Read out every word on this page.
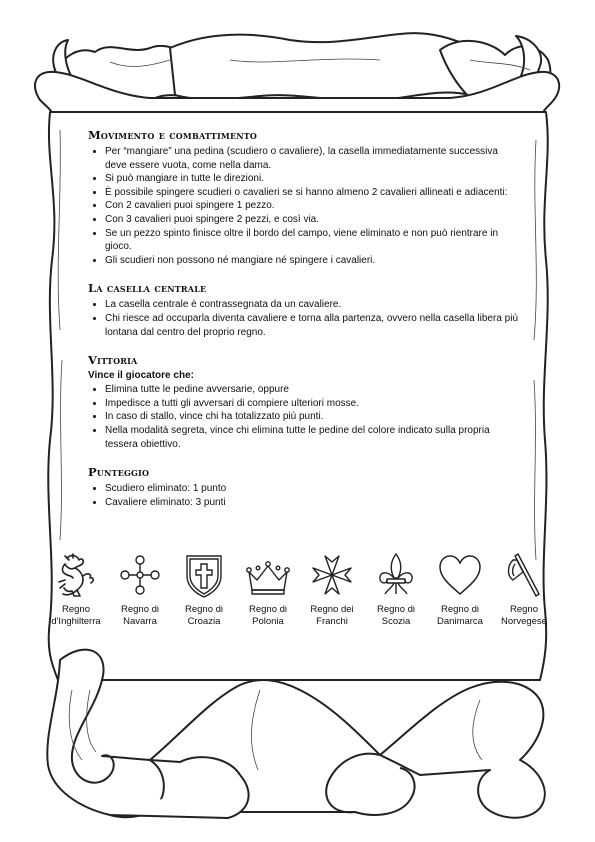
Movimento e combattimento
• Per “mangiare” una pedina (scudiero o cavaliere), la casella immediatamente successiva deve essere vuota, come nella dama.
• Si può mangiare in tutte le direzioni.
• È possibile spingere scudieri o cavalieri se si hanno almeno 2 cavalieri allineati e adiacenti:
• Con 2 cavalieri puoi spingere 1 pezzo.
• Con 3 cavalieri puoi spingere 2 pezzi, e così via.
• Se un pezzo spinto finisce oltre il bordo del campo, viene eliminato e non può rientrare in gioco.
• Gli scudieri non possono né mangiare né spingere i cavalieri.
La casella centrale
• La casella centrale è contrassegnata da un cavaliere.
• Chi riesce ad occuparla diventa cavaliere e torna alla partenza, ovvero nella casella libera più lontana dal centro del proprio regno.
Vittoria
Vince il giocatore che:
• Elimina tutte le pedine avversarie, oppure
• Impedisce a tutti gli avversari di compiere ulteriori mosse.
• In caso di stallo, vince chi ha totalizzato più punti.
• Nella modalità segreta, vince chi elimina tutte le pedine del colore indicato sulla propria tessera obiettivo.
Punteggio
• Scudiero eliminato: 1 punto
• Cavaliere eliminato: 3 punti
Regno
d'Inghilterra
Regno di
Navarra
Regno di
Croazia
Regno di
Polonia
Regno dei
Franchi
Regno di
Scozia
Regno di
Danimarca
Regno
Norvegese
